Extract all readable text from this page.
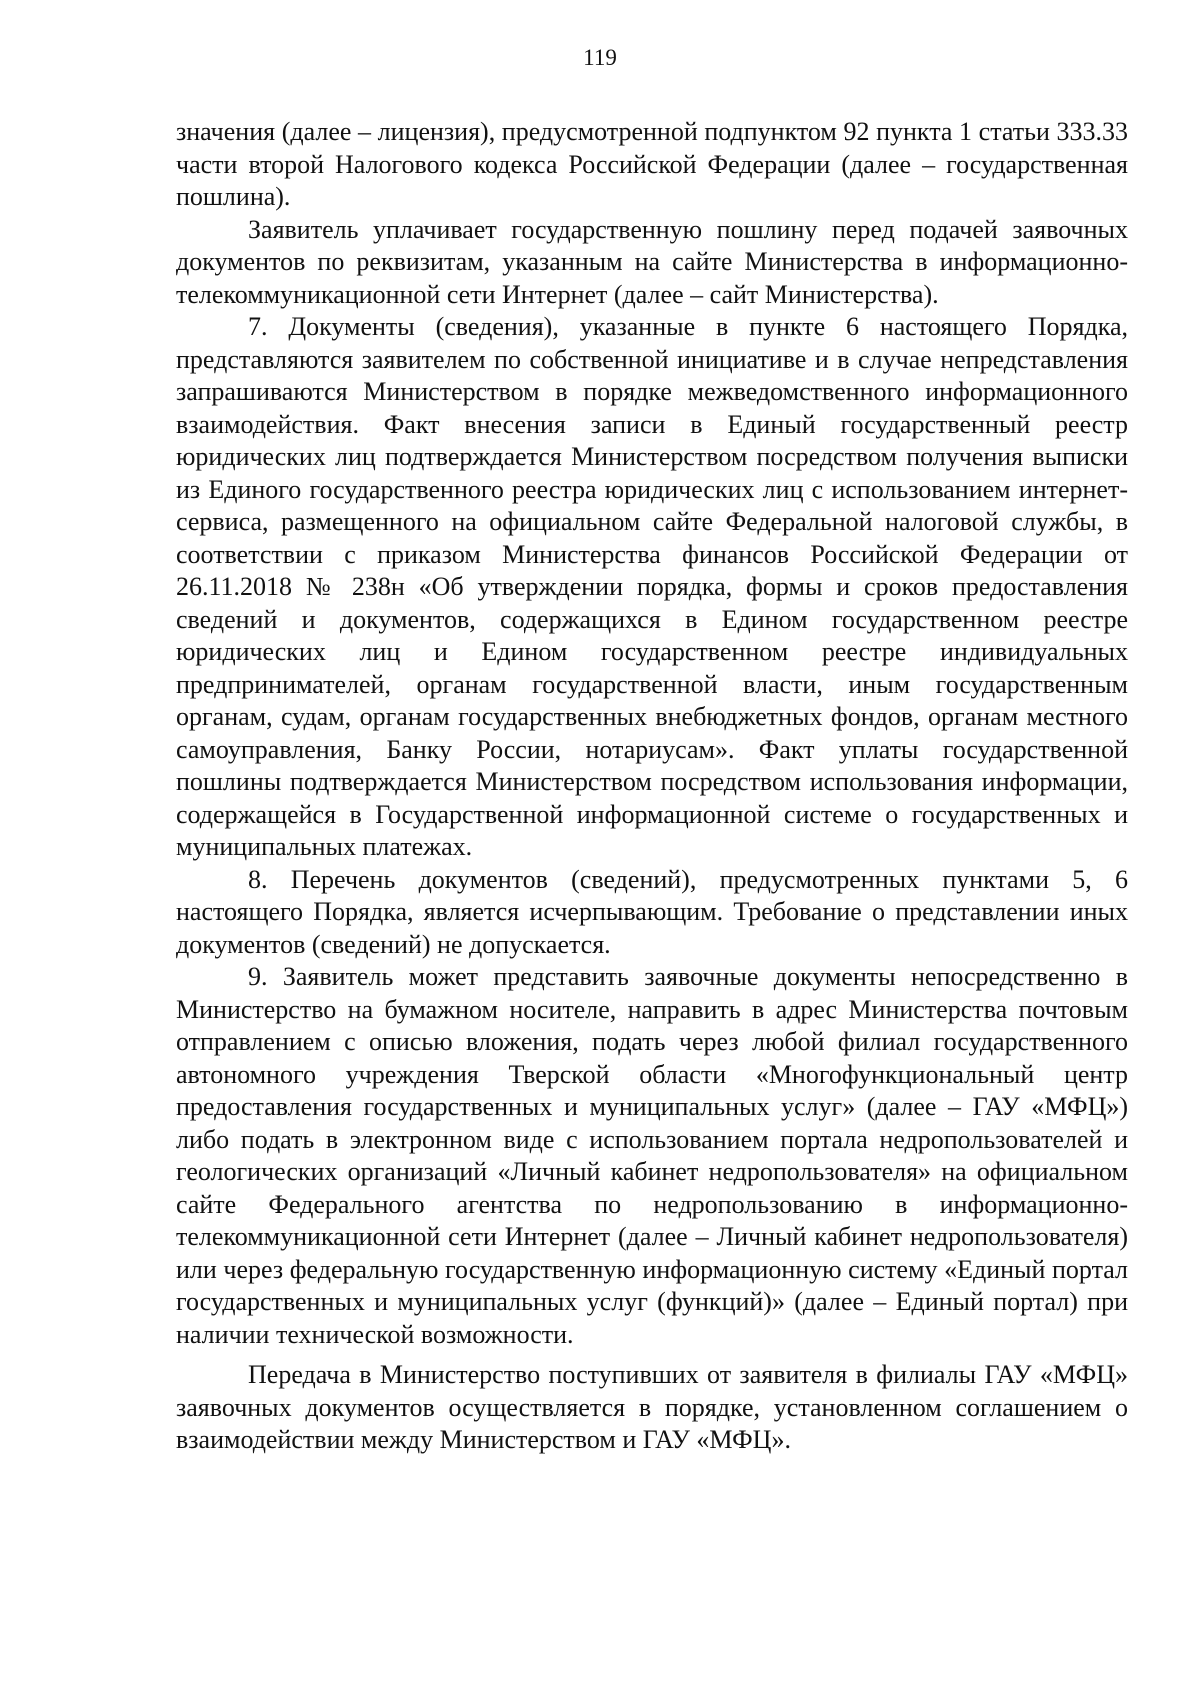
119

значения (далее – лицензия), предусмотренной подпунктом 92 пункта 1 статьи 333.33 части второй Налогового кодекса Российской Федерации (далее – государственная пошлина).

Заявитель уплачивает государственную пошлину перед подачей заявочных документов по реквизитам, указанным на сайте Министерства в информационно-телекоммуникационной сети Интернет (далее – сайт Министерства).

7. Документы (сведения), указанные в пункте 6 настоящего Порядка, представляются заявителем по собственной инициативе и в случае непредставления запрашиваются Министерством в порядке межведомственного информационного взаимодействия. Факт внесения записи в Единый государственный реестр юридических лиц подтверждается Министерством посредством получения выписки из Единого государственного реестра юридических лиц с использованием интернет-сервиса, размещенного на официальном сайте Федеральной налоговой службы, в соответствии с приказом Министерства финансов Российской Федерации от 26.11.2018 № 238н «Об утверждении порядка, формы и сроков предоставления сведений и документов, содержащихся в Едином государственном реестре юридических лиц и Едином государственном реестре индивидуальных предпринимателей, органам государственной власти, иным государственным органам, судам, органам государственных внебюджетных фондов, органам местного самоуправления, Банку России, нотариусам». Факт уплаты государственной пошлины подтверждается Министерством посредством использования информации, содержащейся в Государственной информационной системе о государственных и муниципальных платежах.

8. Перечень документов (сведений), предусмотренных пунктами 5, 6 настоящего Порядка, является исчерпывающим. Требование о представлении иных документов (сведений) не допускается.

9. Заявитель может представить заявочные документы непосредственно в Министерство на бумажном носителе, направить в адрес Министерства почтовым отправлением с описью вложения, подать через любой филиал государственного автономного учреждения Тверской области «Многофункциональный центр предоставления государственных и муниципальных услуг» (далее – ГАУ «МФЦ») либо подать в электронном виде с использованием портала недропользователей и геологических организаций «Личный кабинет недропользователя» на официальном сайте Федерального агентства по недропользованию в информационно-телекоммуникационной сети Интернет (далее – Личный кабинет недропользователя) или через федеральную государственную информационную систему «Единый портал государственных и муниципальных услуг (функций)» (далее – Единый портал) при наличии технической возможности.

Передача в Министерство поступивших от заявителя в филиалы ГАУ «МФЦ» заявочных документов осуществляется в порядке, установленном соглашением о взаимодействии между Министерством и ГАУ «МФЦ».
